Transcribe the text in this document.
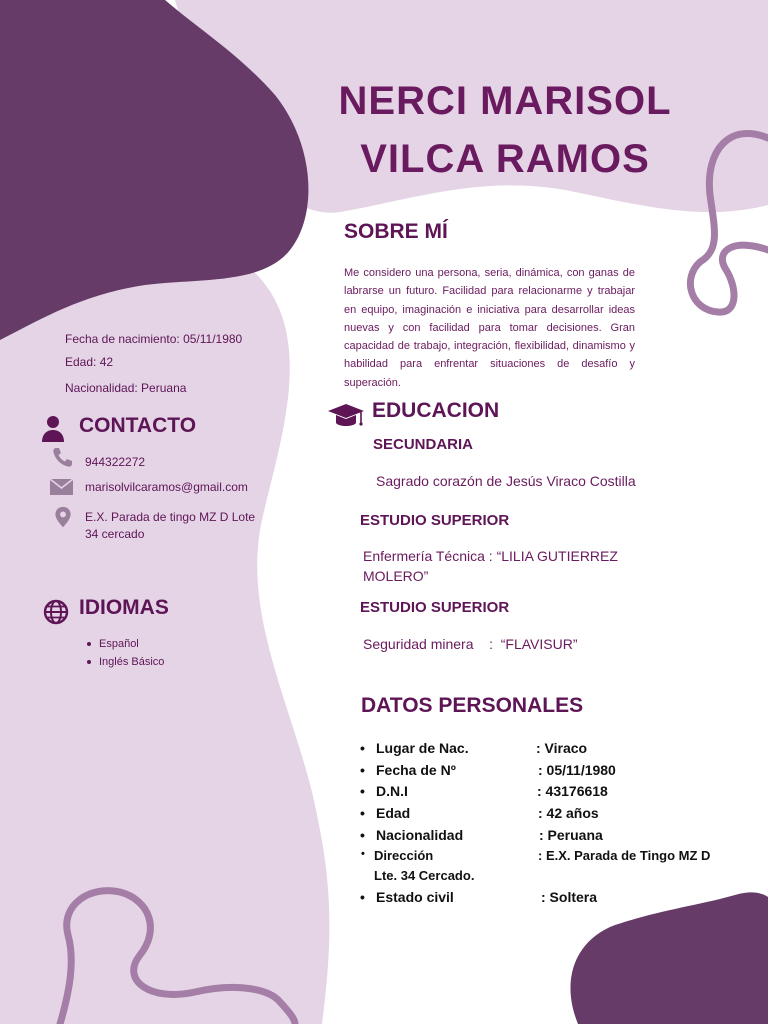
NERCI MARISOL
VILCA RAMOS
SOBRE MÍ
Me considero una persona, seria, dinámica, con ganas de labrarse un futuro. Facilidad para relacionarme y trabajar en equipo, imaginación e iniciativa para desarrollar ideas nuevas y con facilidad para tomar decisiones. Gran capacidad de trabajo, integración, flexibilidad, dinamismo y habilidad para enfrentar situaciones de desafío y superación.
Fecha de nacimiento: 05/11/1980
Edad: 42
Nacionalidad: Peruana
CONTACTO
944322272
marisolvilcaramos@gmail.com
E.X. Parada de tingo MZ D Lote
34 cercado
IDIOMAS
Español
Inglés Básico
EDUCACION
SECUNDARIA
Sagrado corazón de Jesús Viraco Costilla
ESTUDIO SUPERIOR
Enfermería Técnica : “LILIA GUTIERREZ
MOLERO”
ESTUDIO SUPERIOR
Seguridad minera    :  “FLAVISUR”
DATOS PERSONALES
• Lugar de Nac.	: Viraco
• Fecha de Nº	: 05/11/1980
• D.N.I	: 43176618
• Edad	: 42 años
• Nacionalidad	: Peruana
• Dirección	: E.X. Parada de Tingo MZ D
Lte. 34 Cercado.
• Estado civil	: Soltera
